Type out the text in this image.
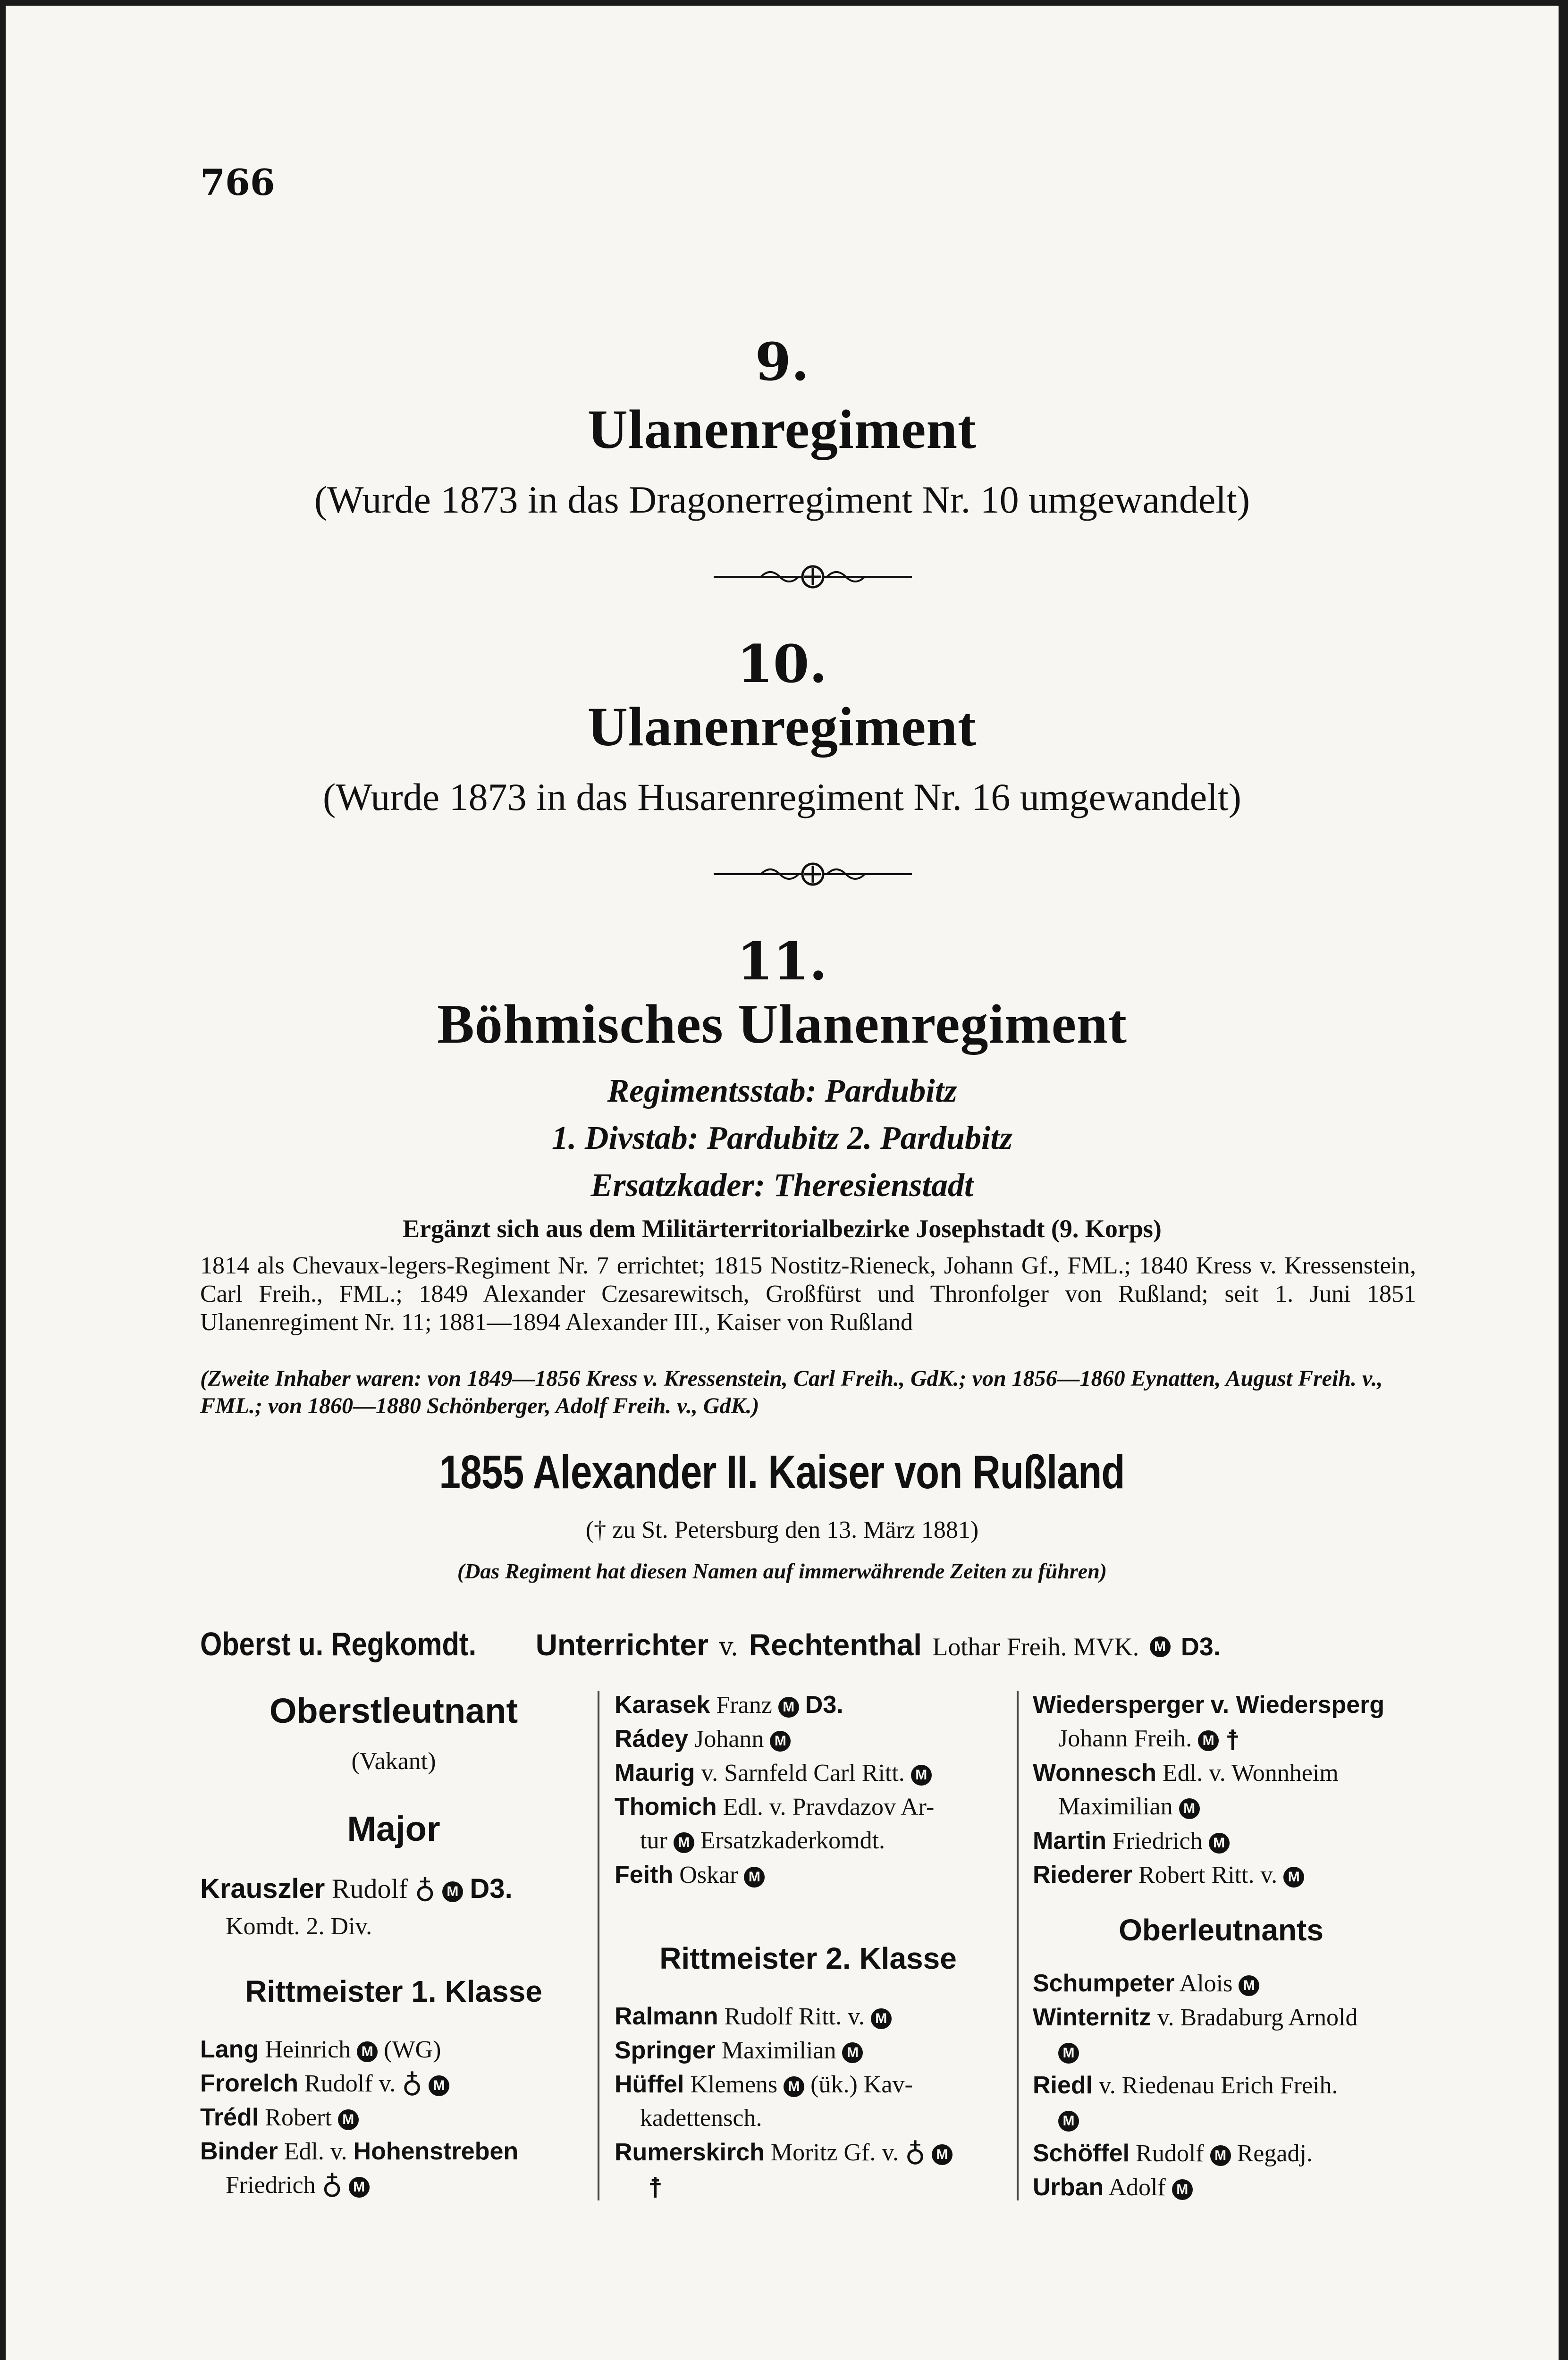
766
9.
Ulanenregiment
(Wurde 1873 in das Dragonerregiment Nr. 10 umgewandelt)
10.
Ulanenregiment
(Wurde 1873 in das Husarenregiment Nr. 16 umgewandelt)
11.
Böhmisches Ulanenregiment
Regimentsstab: Pardubitz
1. Divstab: Pardubitz 2. Pardubitz
Ersatzkader: Theresienstadt
Ergänzt sich aus dem Militärterritorialbezirke Josephstadt (9. Korps)
1814 als Chevaux-legers-Regiment Nr. 7 errichtet; 1815 Nostitz-Rieneck, Johann Gf., FML.; 1840 Kress v. Kressenstein, Carl Freih., FML.; 1849 Alexander Czesarewitsch, Großfürst und Thronfolger von Rußland; seit 1. Juni 1851 Ulanenregiment Nr. 11; 1881—1894 Alexander III., Kaiser von Rußland
(Zweite Inhaber waren: von 1849—1856 Kress v. Kressenstein, Carl Freih., GdK.; von 1856—1860 Eynatten, August Freih. v., FML.; von 1860—1880 Schönberger, Adolf Freih. v., GdK.)
1855 Alexander II. Kaiser von Rußland
(† zu St. Petersburg den 13. März 1881)
(Das Regiment hat diesen Namen auf immerwährende Zeiten zu führen)
Oberst u. Regkomdt. Unterrichter v. Rechtenthal Lothar Freih. MVK. M D3.
Oberstleutnant
(Vakant)
Major
Krauszler Rudolf ♁ M D3.
Komdt. 2. Div.
Rittmeister 1. Klasse
Lang Heinrich M (WG)
Frorelch Rudolf v. ♁ M
Trédl Robert M
Binder Edl. v. Hohenstreben
Friedrich ♁ M
Karasek Franz M D3.
Rádey Johann M
Maurig v. Sarnfeld Carl Ritt. M
Thomich Edl. v. Pravdazov Ar-
tur M Ersatzkaderkomdt.
Feith Oskar M
Rittmeister 2. Klasse
Ralmann Rudolf Ritt. v. M
Springer Maximilian M
Hüffel Klemens M (ük.) Kav-
kadettensch.
Rumerskirch Moritz Gf. v. ♁ M
☨
Wiedersperger v. Wiedersperg
Johann Freih. M ☨
Wonnesch Edl. v. Wonnheim
Maximilian M
Martin Friedrich M
Riederer Robert Ritt. v. M
Oberleutnants
Schumpeter Alois M
Winternitz v. Bradaburg Arnold
M
Riedl v. Riedenau Erich Freih.
M
Schöffel Rudolf M Regadj.
Urban Adolf M
